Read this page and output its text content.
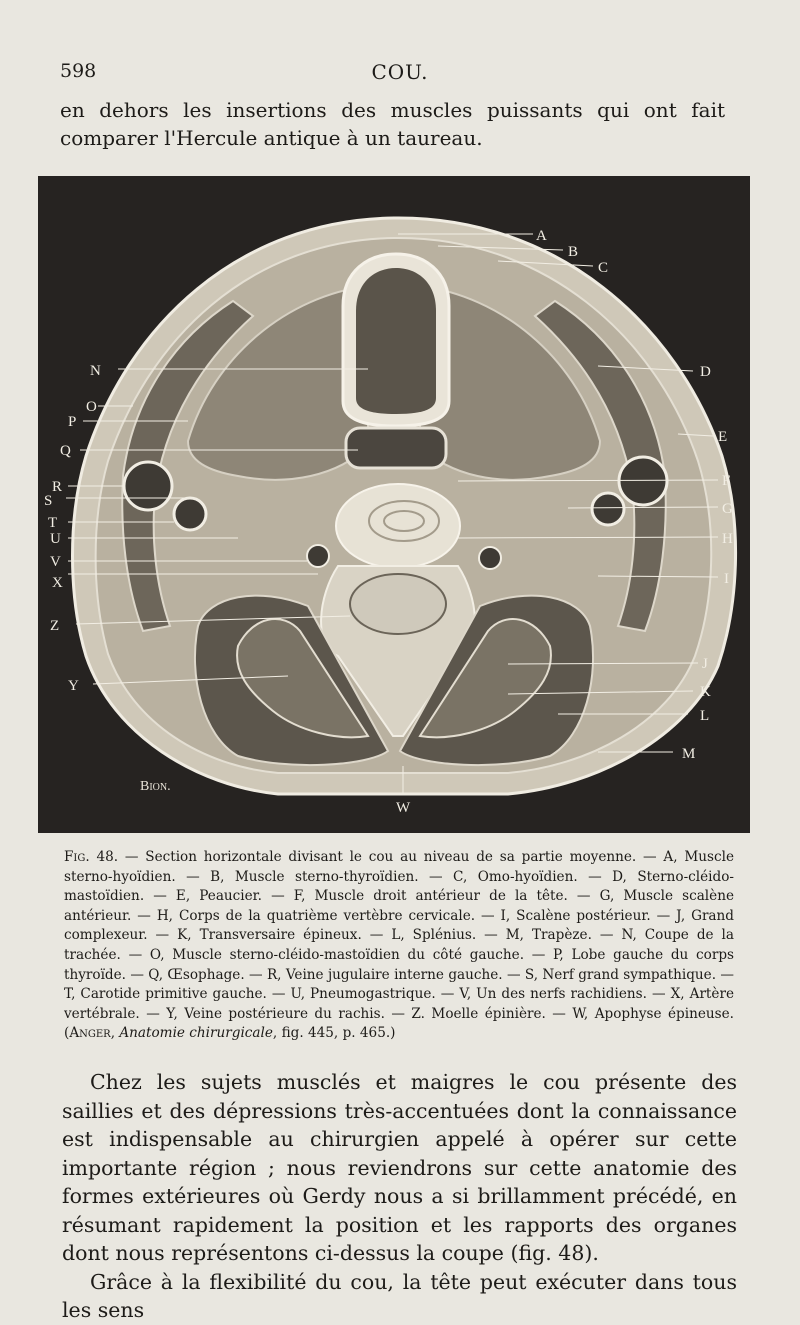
598	COU.
en dehors les insertions des muscles puissants qui ont fait comparer l'Hercule antique à un taureau.
A
B
C
D
E
F
G
H
I
J
K
L
M
N
O
P
Q
R
S
T
U
V
X
Z
Y
W
Bion.
Fig. 48. — Section horizontale divisant le cou au niveau de sa partie moyenne. — A, Muscle sterno-hyoïdien. — B, Muscle sterno-thyroïdien. — C, Omo-hyoïdien. — D, Sterno-cléido-mastoïdien. — E, Peaucier. — F, Muscle droit antérieur de la tête. — G, Muscle scalène antérieur. — H, Corps de la quatrième vertèbre cervicale. — I, Scalène postérieur. — J, Grand complexeur. — K, Transversaire épineux. — L, Splénius. — M, Trapèze. — N, Coupe de la trachée. — O, Muscle sterno-cléido-mastoïdien du côté gauche. — P, Lobe gauche du corps thyroïde. — Q, Œsophage. — R, Veine jugulaire interne gauche. — S, Nerf grand sympathique. — T, Carotide primitive gauche. — U, Pneumogastrique. — V, Un des nerfs rachidiens. — X, Artère vertébrale. — Y, Veine postérieure du rachis. — Z. Moelle épinière. — W, Apophyse épineuse. (Anger, Anatomie chirurgicale, fig. 445, p. 465.)

Chez les sujets musclés et maigres le cou présente des saillies et des dépressions très-accentuées dont la connaissance est indispensable au chirurgien appelé à opérer sur cette importante région ; nous reviendrons sur cette anatomie des formes extérieures où Gerdy nous a si brillamment précédé, en résumant rapidement la position et les rapports des organes dont nous représentons ci-dessus la coupe (fig. 48).

Grâce à la flexibilité du cou, la tête peut exécuter dans tous les sens
